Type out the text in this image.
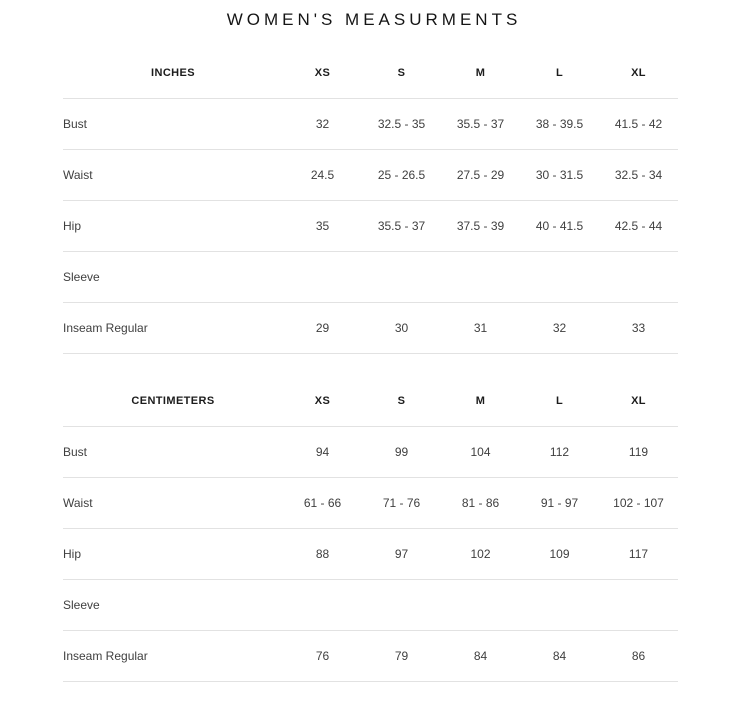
WOMEN'S MEASURMENTS
INCHES	XS	S	M	L	XL
Bust	32	32.5 - 35	35.5 - 37	38 - 39.5	41.5 - 42
Waist	24.5	25 - 26.5	27.5 - 29	30 - 31.5	32.5 - 34
Hip	35	35.5 - 37	37.5 - 39	40 - 41.5	42.5 - 44
Sleeve
Inseam Regular	29	30	31	32	33
CENTIMETERS	XS	S	M	L	XL
Bust	94	99	104	112	119
Waist	61 - 66	71 - 76	81 - 86	91 - 97	102 - 107
Hip	88	97	102	109	117
Sleeve
Inseam Regular	76	79	84	84	86
